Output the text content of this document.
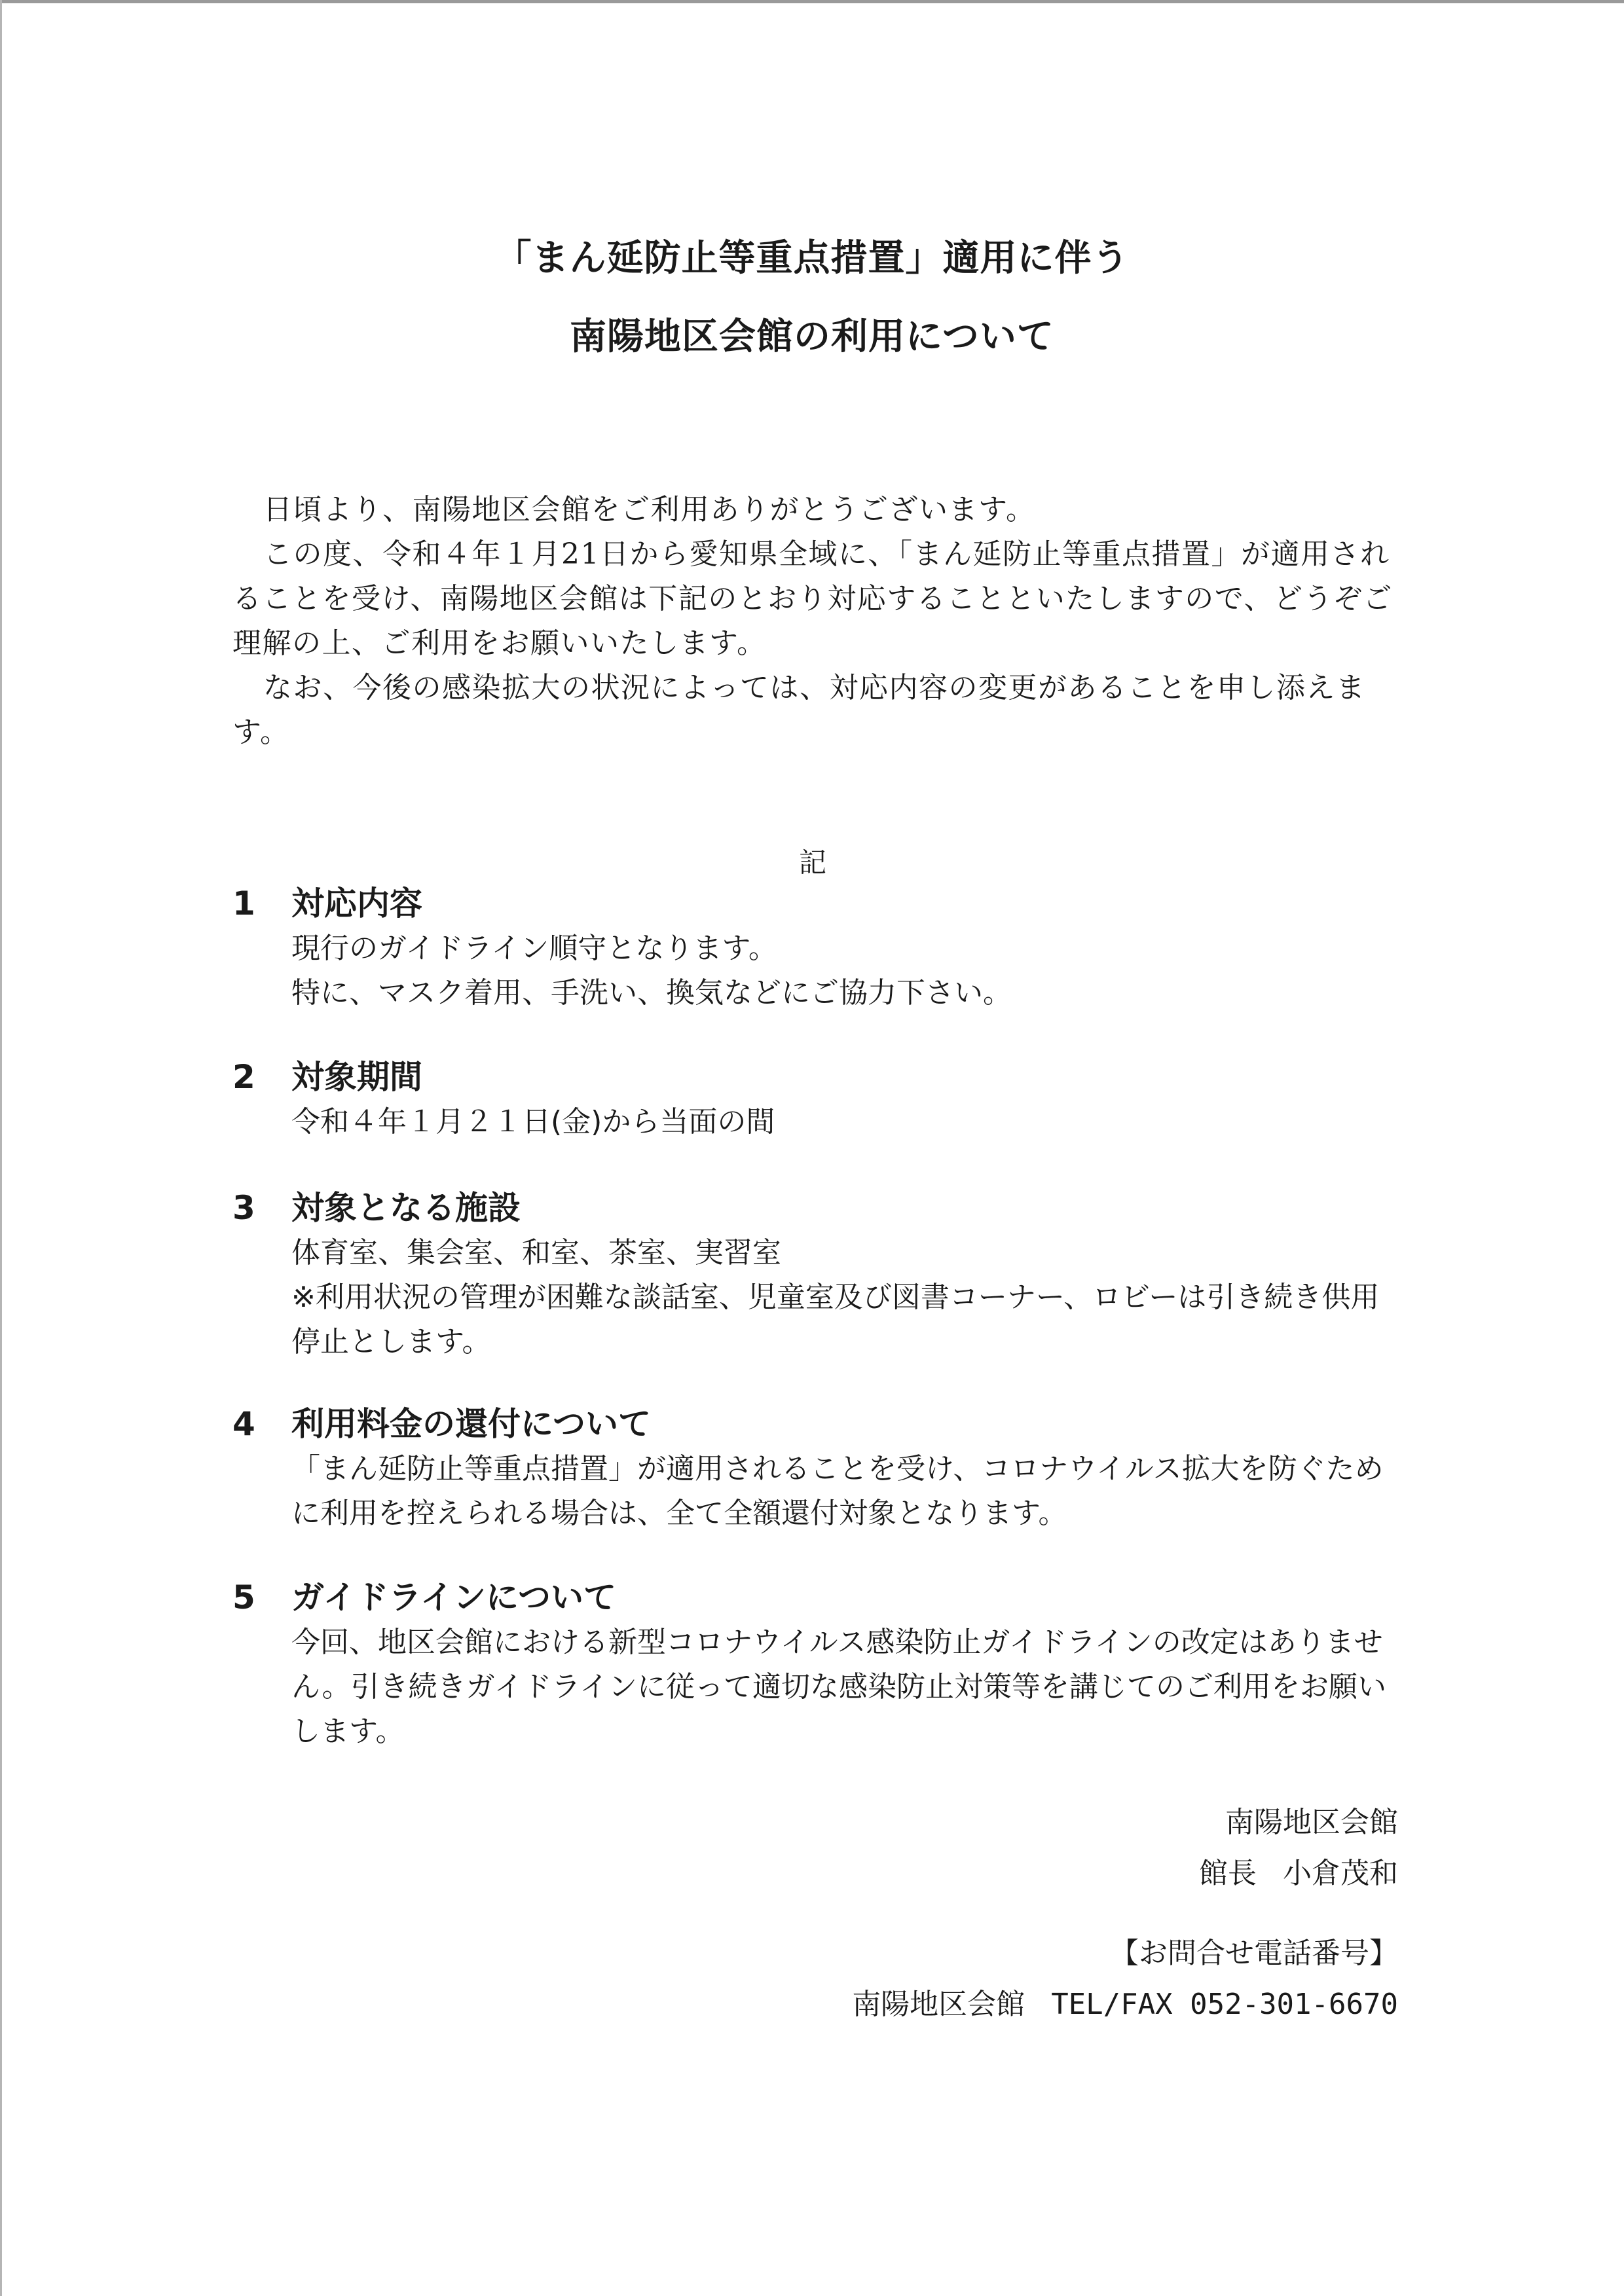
「まん延防止等重点措置」適用に伴う
南陽地区会館の利用について

日頃より、南陽地区会館をご利用ありがとうございます。

この度、令和４年１月21日から愛知県全域に、「まん延防止等重点措置」が適用されることを受け、南陽地区会館は下記のとおり対応することといたしますので、どうぞご理解の上、ご利用をお願いいたします。

なお、今後の感染拡大の状況によっては、対応内容の変更があることを申し添えます。

記
1 対応内容
現行のガイドライン順守となります。
特に、マスク着用、手洗い、換気などにご協力下さい。
2 対象期間
令和４年１月２１日(金)から当面の間
3 対象となる施設
体育室、集会室、和室、茶室、実習室
※利用状況の管理が困難な談話室、児童室及び図書コーナー、ロビーは引き続き供用停止とします。
4 利用料金の還付について
「まん延防止等重点措置」が適用されることを受け、コロナウイルス拡大を防ぐために利用を控えられる場合は、全て全額還付対象となります。
5 ガイドラインについて
今回、地区会館における新型コロナウイルス感染防止ガイドラインの改定はありません。引き続きガイドラインに従って適切な感染防止対策等を講じてのご利用をお願いします。
南陽地区会館
館長 小倉茂和
【お問合せ電話番号】
南陽地区会館 TEL/FAX 052-301-6670
